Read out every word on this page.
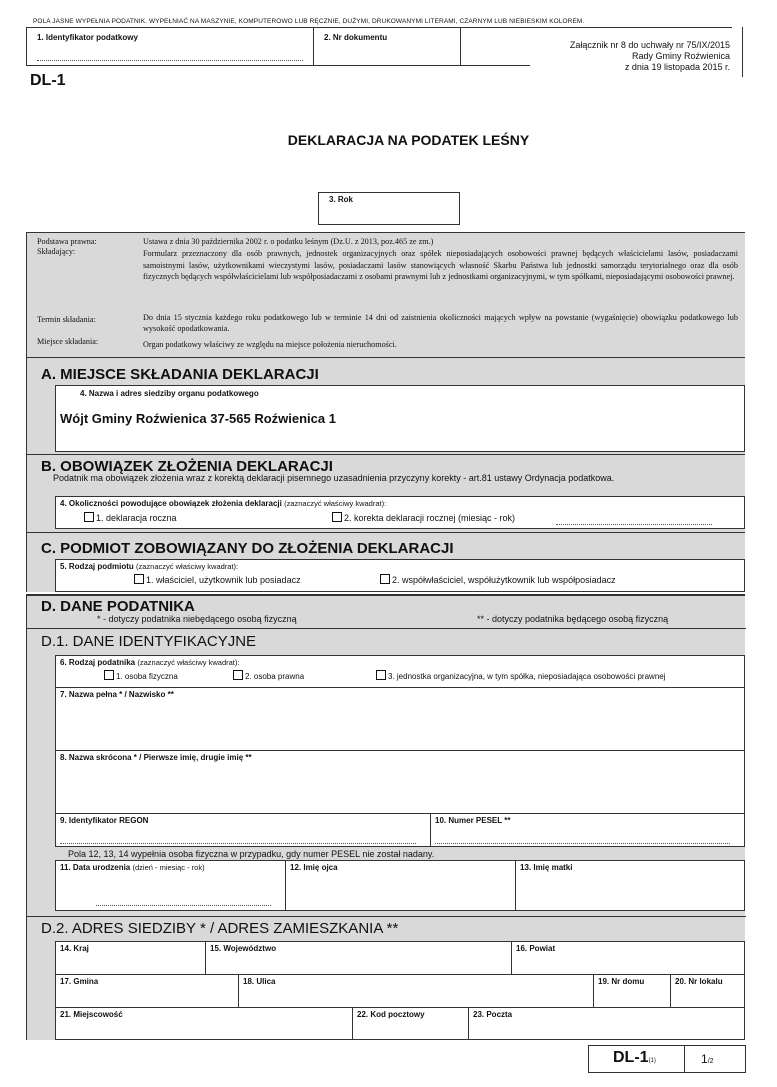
POLA JASNE WYPEŁNIA PODATNIK. WYPEŁNIAĆ NA MASZYNIE, KOMPUTEROWO LUB RĘCZNIE, DUŻYMI, DRUKOWANYMI LITERAMI, CZARNYM LUB NIEBIESKIM KOLOREM.
1. Identyfikator podatkowy	2. Nr dokumentu
Załącznik nr 8 do uchwały nr 75/IX/2015
Rady Gminy Roźwienica
z dnia 19 listopada 2015 r.
DL-1
DEKLARACJA NA PODATEK LEŚNY
3. Rok
Podstawa prawna:	Ustawa z dnia 30 października 2002 r. o podatku leśnym (Dz.U. z 2013, poz.465 ze zm.)
Składający:	Formularz przeznaczony dla osób prawnych, jednostek organizacyjnych oraz spółek nieposiadających osobowości prawnej będących właścicielami lasów, posiadaczami samoistnymi lasów, użytkownikami wieczystymi lasów, posiadaczami lasów stanowiących własność Skarbu Państwa lub jednostki samorządu terytorialnego oraz dla osób fizycznych będących współwłaścicielami lub współposiadaczami z osobami prawnymi lub z jednostkami organizacyjnymi, w tym spółkami, nieposiadającymi osobowości prawnej.
Termin składania:	Do dnia 15 stycznia każdego roku podatkowego lub w terminie 14 dni od zaistnienia okoliczności mających wpływ na powstanie (wygaśnięcie) obowiązku podatkowego lub wysokość opodatkowania.
Miejsce składania:	Organ podatkowy właściwy ze względu na miejsce położenia nieruchomości.
A. MIEJSCE SKŁADANIA DEKLARACJI
4. Nazwa i adres siedziby organu podatkowego
Wójt Gminy Roźwienica 37-565 Roźwienica 1
B. OBOWIĄZEK ZŁOŻENIA DEKLARACJI
Podatnik ma obowiązek złożenia wraz z korektą deklaracji pisemnego uzasadnienia przyczyny korekty - art.81 ustawy Ordynacja podatkowa.
4. Okoliczności powodujące obowiązek złożenia deklaracji (zaznaczyć właściwy kwadrat):
1. deklaracja roczna	2. korekta deklaracji rocznej (miesiąc - rok)
C. PODMIOT ZOBOWIĄZANY DO ZŁOŻENIA DEKLARACJI
5. Rodzaj podmiotu (zaznaczyć właściwy kwadrat):
1. właściciel, użytkownik lub posiadacz	2. współwłaściciel, współużytkownik lub współposiadacz
D. DANE PODATNIKA
* - dotyczy podatnika niebędącego osobą fizyczną	** - dotyczy podatnika będącego osobą fizyczną
D.1. DANE IDENTYFIKACYJNE
D.2. ADRES SIEDZIBY * / ADRES ZAMIESZKANIA **
6. Rodzaj podatnika (zaznaczyć właściwy kwadrat):
1. osoba fizyczna	2. osoba prawna	3. jednostka organizacyjna, w tym spółka, nieposiadająca osobowości prawnej
7. Nazwa pełna * / Nazwisko **
8. Nazwa skrócona * / Pierwsze imię, drugie imię **
9. Identyfikator REGON	10. Numer PESEL **
Pola 12, 13, 14 wypełnia osoba fizyczna w przypadku, gdy numer PESEL nie został nadany.
11. Data urodzenia (dzień - miesiąc - rok)	12. Imię ojca	13. Imię matki
14. Kraj	15. Województwo	16. Powiat
17. Gmina	18. Ulica	19. Nr domu	20. Nr lokalu
21. Miejscowość	22. Kod pocztowy	23. Poczta
DL-1(1)	1/2
